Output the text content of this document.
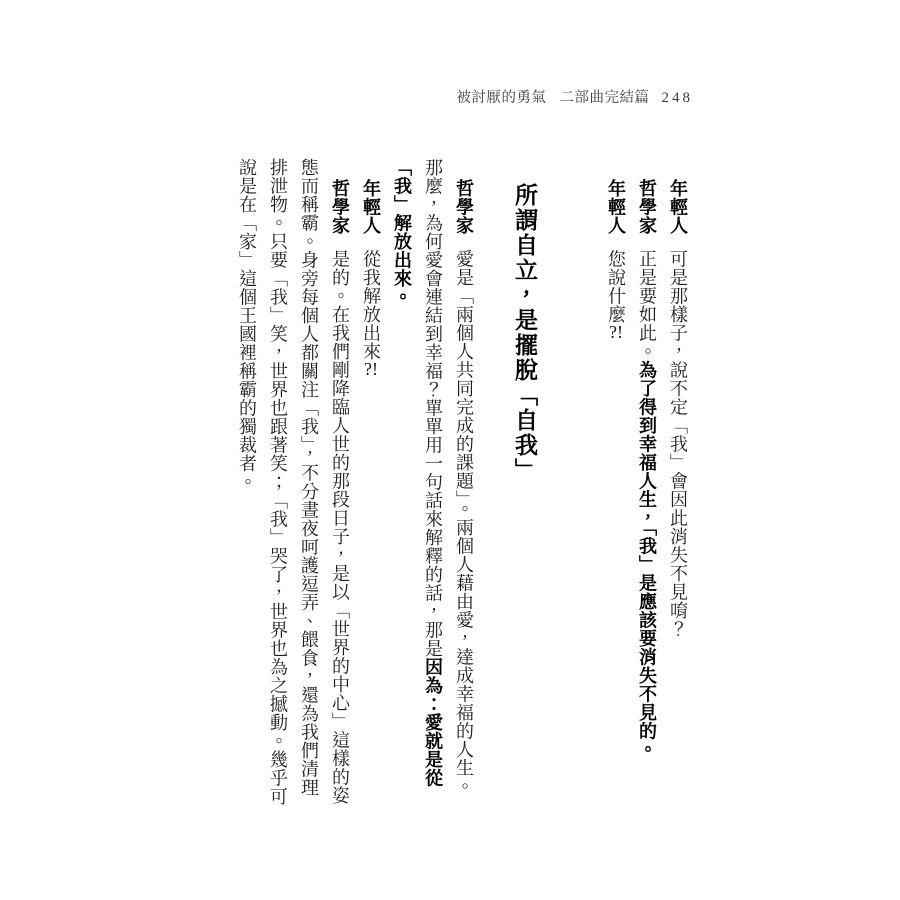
被討厭的勇氣 二部曲完結篇 248

年輕人可是那樣子，說不定「我」會因此消失不見唷？

哲學家正是要如此。為了得到幸福人生，「我」是應該要消失不見的。

年輕人您說什麼?!

所謂自立，是擺脫「自我」

哲學家愛是「兩個人共同完成的課題」。兩個人藉由愛，達成幸福的人生。那麼，為何愛會連結到幸福？單單用一句話來解釋的話，那是因為：愛就是從「我」解放出來。

年輕人從我解放出來?!

哲學家是的。在我們剛降臨人世的那段日子，是以「世界的中心」這樣的姿態而稱霸。身旁每個人都關注「我」，不分晝夜呵護逗弄、餵食，還為我們清理排泄物。只要「我」笑，世界也跟著笑；「我」哭了，世界也為之撼動。幾乎可說是在「家」這個王國裡稱霸的獨裁者。
